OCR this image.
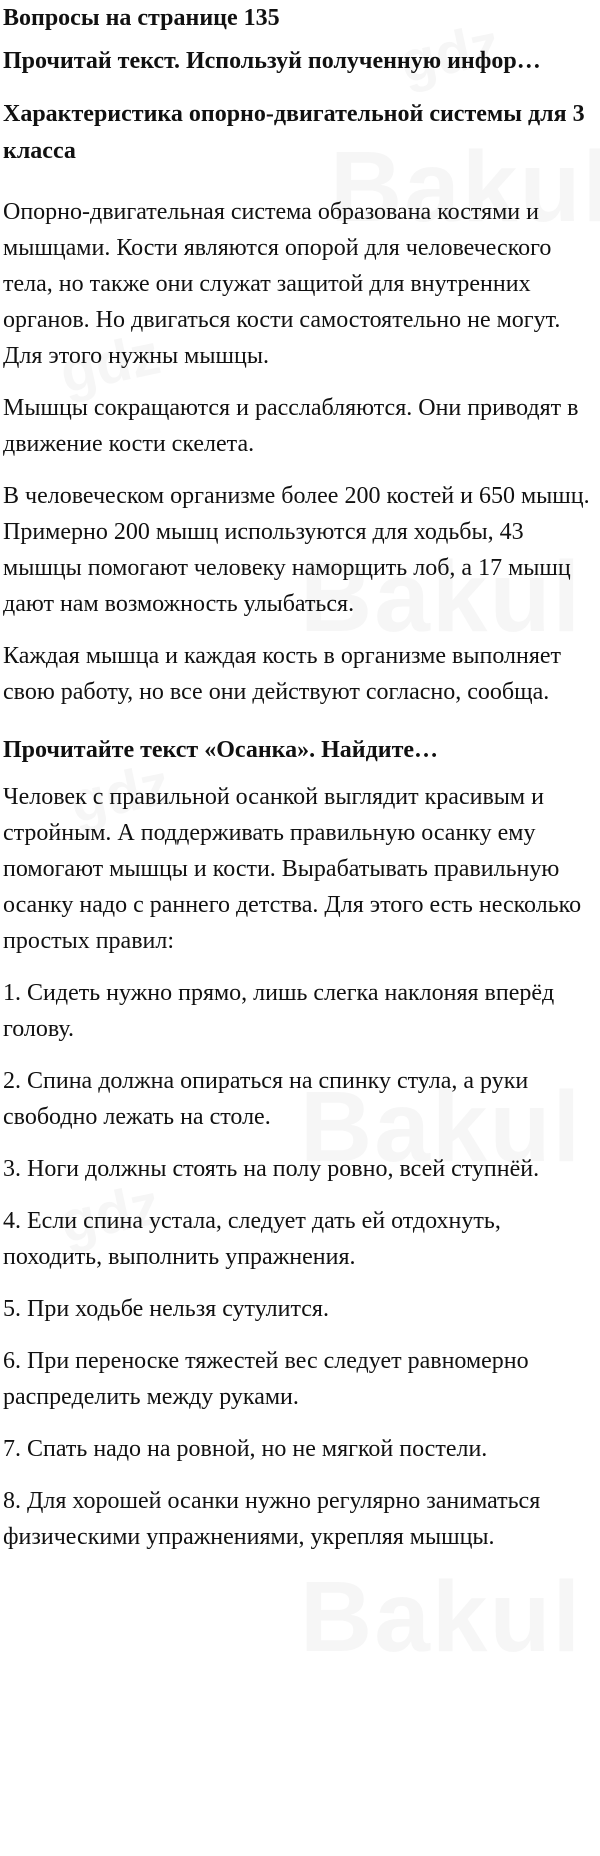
Вопросы на странице 135
Прочитай текст. Используй полученную инфор…
Характеристика опорно-двигательной системы для 3 класса

Опорно-двигательная система образована костями и мышцами. Кости являются опорой для человеческого тела, но также они служат защитой для внутренних органов. Но двигаться кости самостоятельно не могут. Для этого нужны мышцы.

Мышцы сокращаются и расслабляются. Они приводят в движение кости скелета.

В человеческом организме более 200 костей и 650 мышц. Примерно 200 мышц используются для ходьбы, 43 мышцы помогают человеку наморщить лоб, а 17 мышц дают нам возможность улыбаться.

Каждая мышца и каждая кость в организме выполняет свою работу, но все они действуют согласно, сообща.

Прочитайте текст «Осанка». Найдите…

Человек с правильной осанкой выглядит красивым и стройным. А поддерживать правильную осанку ему помогают мышцы и кости. Вырабатывать правильную осанку надо с раннего детства. Для этого есть несколько простых правил:

1. Сидеть нужно прямо, лишь слегка наклоняя вперёд голову.

2. Спина должна опираться на спинку стула, а руки свободно лежать на столе.

3. Ноги должны стоять на полу ровно, всей ступнёй.

4. Если спина устала, следует дать ей отдохнуть, походить, выполнить упражнения.

5. При ходьбе нельзя сутулится.

6. При переноске тяжестей вес следует равномерно распределить между руками.

7. Спать надо на ровной, но не мягкой постели.

8. Для хорошей осанки нужно регулярно заниматься физическими упражнениями, укрепляя мышцы.
